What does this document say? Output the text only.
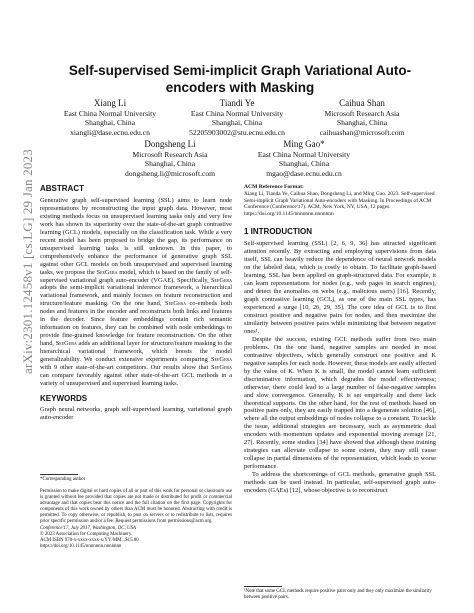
arXiv:2301.12458v1 [cs.LG] 29 Jan 2023
Self-supervised Semi-implicit Graph Variational Auto-encoders with Masking
Xiang Li
East China Normal University
Shanghai, China
xiangli@dase.ecnu.edu.cn
Tiandi Ye
East China Normal University
Shanghai, China
52205903002@stu.ecnu.edu.cn
Caihua Shan
Microsoft Research Asia
Shanghai, China
caihuashan@microsoft.com
Dongsheng Li
Microsoft Research Asia
Shanghai, China
dongsheng.li@microsoft.com
Ming Gao*
East China Normal University
Shanghai, China
mgao@dase.ecnu.edu.cn
ABSTRACT

Generative graph self-supervised learning (SSL) aims to learn node representations by reconstructing the input graph data. However, most existing methods focus on unsupervised learning tasks only and very few work has shown its superiority over the state-of-the-art graph contrastive learning (GCL) models, especially on the classification task. While a very recent model has been proposed to bridge the gap, its performance on unsupervised learning tasks is still unknown. In this paper, to comprehensively enhance the performance of generative graph SSL against other GCL models on both unsupervised and supervised learning tasks, we propose the SeeGera model, which is based on the family of self-supervised variational graph auto-encoder (VGAE). Specifically, SeeGera adopts the semi-implicit variational inference framework, a hierarchical variational framework, and mainly focuses on feature reconstruction and structure/feature masking. On the one hand, SeeGera co-embeds both nodes and features in the encoder and reconstructs both links and features in the decoder. Since feature embeddings contain rich semantic information on features, they can be combined with node embeddings to provide fine-grained knowledge for feature reconstruction. On the other hand, SeeGera adds an additional layer for structure/feature masking to the hierarchical variational framework, which boosts the model generalizability. We conduct extensive experiments comparing SeeGera with 9 other state-of-the-art competitors. Our results show that SeeGera can compare favorably against other state-of-the-art GCL methods in a variety of unsupervised and supervised learning tasks.

KEYWORDS

Graph neural networks, graph self-supervised learning, variational graph auto-encoder

*Corresponding author

Permission to make digital or hard copies of all or part of this work for personal or classroom use is granted without fee provided that copies are not made or distributed for profit or commercial advantage and that copies bear this notice and the full citation on the first page. Copyrights for components of this work owned by others than ACM must be honored. Abstracting with credit is permitted. To copy otherwise, or republish, to post on servers or to redistribute to lists, requires prior specific permission and/or a fee. Request permissions from permissions@acm.org.

Conference'17, July 2017, Washington, DC, USA

© 2023 Association for Computing Machinery.

ACM ISBN 978-x-xxxx-xxxx-x/YY/MM...$15.00

https://doi.org/10.1145/nnnnnnn.nnnnnnn

ACM Reference Format:

Xiang Li, Tianda Ye, Caihua Shan, Dongsheng Li, and Ming Gao. 2023. Self-supervised Semi-implicit Graph Variational Auto-encoders with Masking. In Proceedings of ACM Conference (Conference'17). ACM, New York, NY, USA, 12 pages. https://doi.org/10.1145/nnnnnnn.nnnnnnn

1 INTRODUCTION

Self-supervised learning (SSL) [2, 6, 9, 36] has attracted significant attention recently. By extracting and employing supervisions from data itself, SSL can heavily reduce the dependence of neural network models on the labeled data, which is costly to obtain. To facilitate graph-based learning, SSL has been applied on graph-structured data. For example, it can learn representations for nodes (e.g., web pages in search engines), and detect the anomalies on webs (e.g., malicious users) [16]. Recently, graph contrastive learning (GCL), as one of the main SSL types, has experienced a surge [10, 26, 29, 35]. The core idea of GCL is to first construct positive and negative pairs for nodes, and then maximize the similarity between positive pairs while minimizing that between negative ones¹.

Despite the success, existing GCL methods suffer from two main problems. On the one hand, negative samples are needed in most contrastive objectives, which generally construct one positive and K negative samples for each node. However, these models are easily affected by the value of K. When K is small, the model cannot learn sufficient discriminative information, which degrades the model effectiveness; otherwise, there could lead to a large number of false-negative samples and slow convergence. Generally, K is set empirically and there lack theoretical supports. On the other hand, for the rest of methods based on positive pairs only, they are easily trapped into a degenerate solution [46], where all the output embeddings of nodes collapse to a constant. To tackle the issue, additional strategies are necessary, such as asymmetric dual encoders with momentum updates and exponential moving average [21, 27]. Recently, some studies [34] have showed that although these training strategies can alleviate collapse to some extent, they may still cause collapse in partial dimensions of the representation, which leads to worse performance.

To address the shortcomings of GCL methods, generative graph SSL methods can be used instead. In particular, self-supervised graph auto-encoders (GAEs) [12], whose objective is to reconstruct

¹Note that some GCL methods require positive pairs only and they only maximize the similarity between positive pairs.
